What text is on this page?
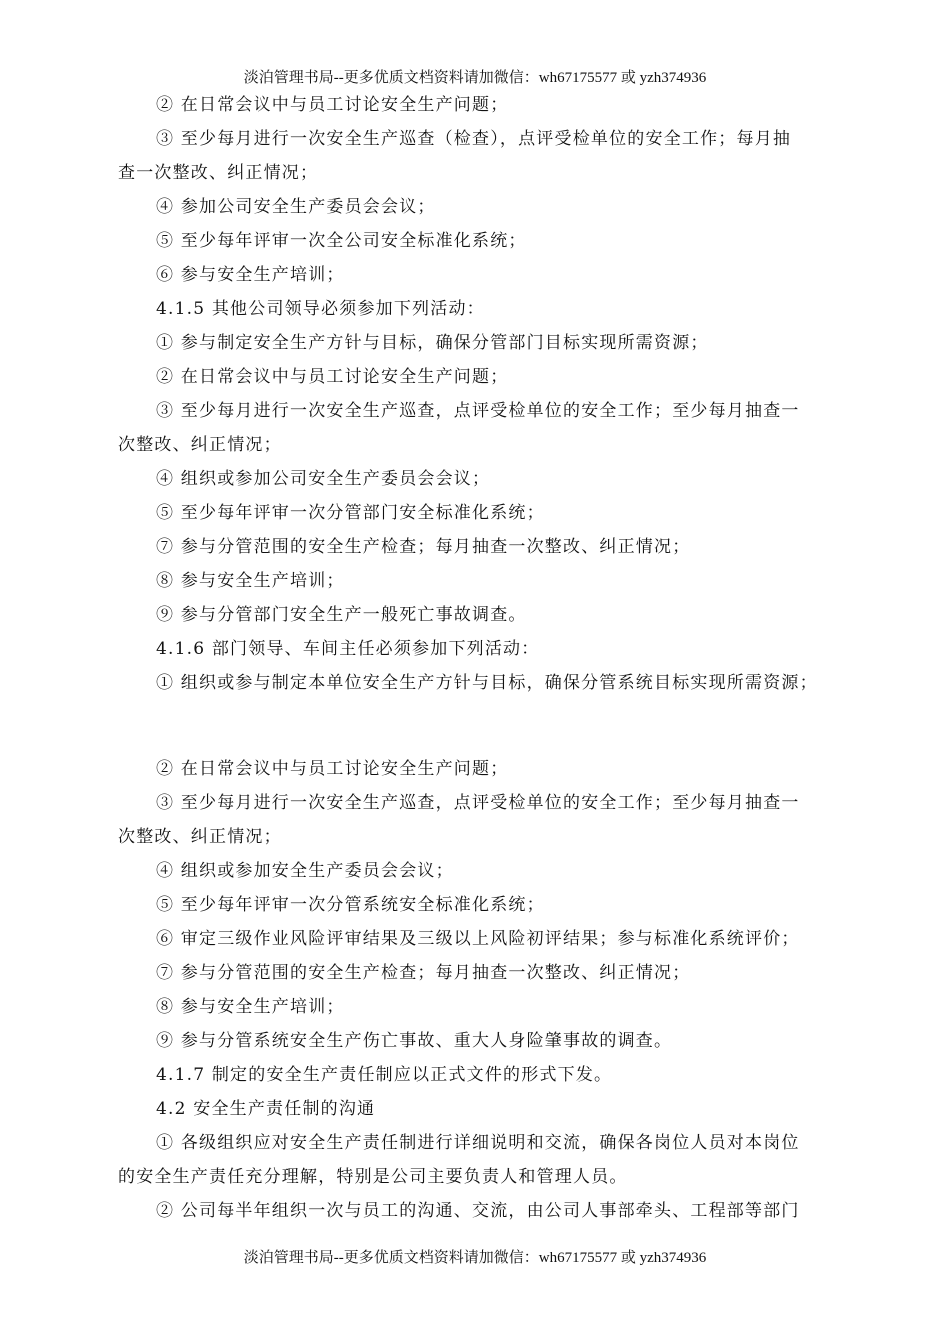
淡泊管理书局--更多优质文档资料请加微信：wh67175577 或 yzh374936
② 在日常会议中与员工讨论安全生产问题；
③ 至少每月进行一次安全生产巡查（检查），点评受检单位的安全工作；每月抽
查一次整改、纠正情况；
④ 参加公司安全生产委员会会议；
⑤ 至少每年评审一次全公司安全标准化系统；
⑥ 参与安全生产培训；
4.1.5 其他公司领导必须参加下列活动：
① 参与制定安全生产方针与目标，确保分管部门目标实现所需资源；
② 在日常会议中与员工讨论安全生产问题；
③ 至少每月进行一次安全生产巡查，点评受检单位的安全工作；至少每月抽查一
次整改、纠正情况；
④ 组织或参加公司安全生产委员会会议；
⑤ 至少每年评审一次分管部门安全标准化系统；
⑦ 参与分管范围的安全生产检查；每月抽查一次整改、纠正情况；
⑧ 参与安全生产培训；
⑨ 参与分管部门安全生产一般死亡事故调查。
4.1.6 部门领导、车间主任必须参加下列活动：
① 组织或参与制定本单位安全生产方针与目标，确保分管系统目标实现所需资源；
② 在日常会议中与员工讨论安全生产问题；
③ 至少每月进行一次安全生产巡查，点评受检单位的安全工作；至少每月抽查一
次整改、纠正情况；
④ 组织或参加安全生产委员会会议；
⑤ 至少每年评审一次分管系统安全标准化系统；
⑥ 审定三级作业风险评审结果及三级以上风险初评结果；参与标准化系统评价；
⑦ 参与分管范围的安全生产检查；每月抽查一次整改、纠正情况；
⑧ 参与安全生产培训；
⑨ 参与分管系统安全生产伤亡事故、重大人身险肇事故的调查。
4.1.7 制定的安全生产责任制应以正式文件的形式下发。
4.2 安全生产责任制的沟通
① 各级组织应对安全生产责任制进行详细说明和交流，确保各岗位人员对本岗位
的安全生产责任充分理解，特别是公司主要负责人和管理人员。
② 公司每半年组织一次与员工的沟通、交流，由公司人事部牵头、工程部等部门
淡泊管理书局--更多优质文档资料请加微信：wh67175577 或 yzh374936
